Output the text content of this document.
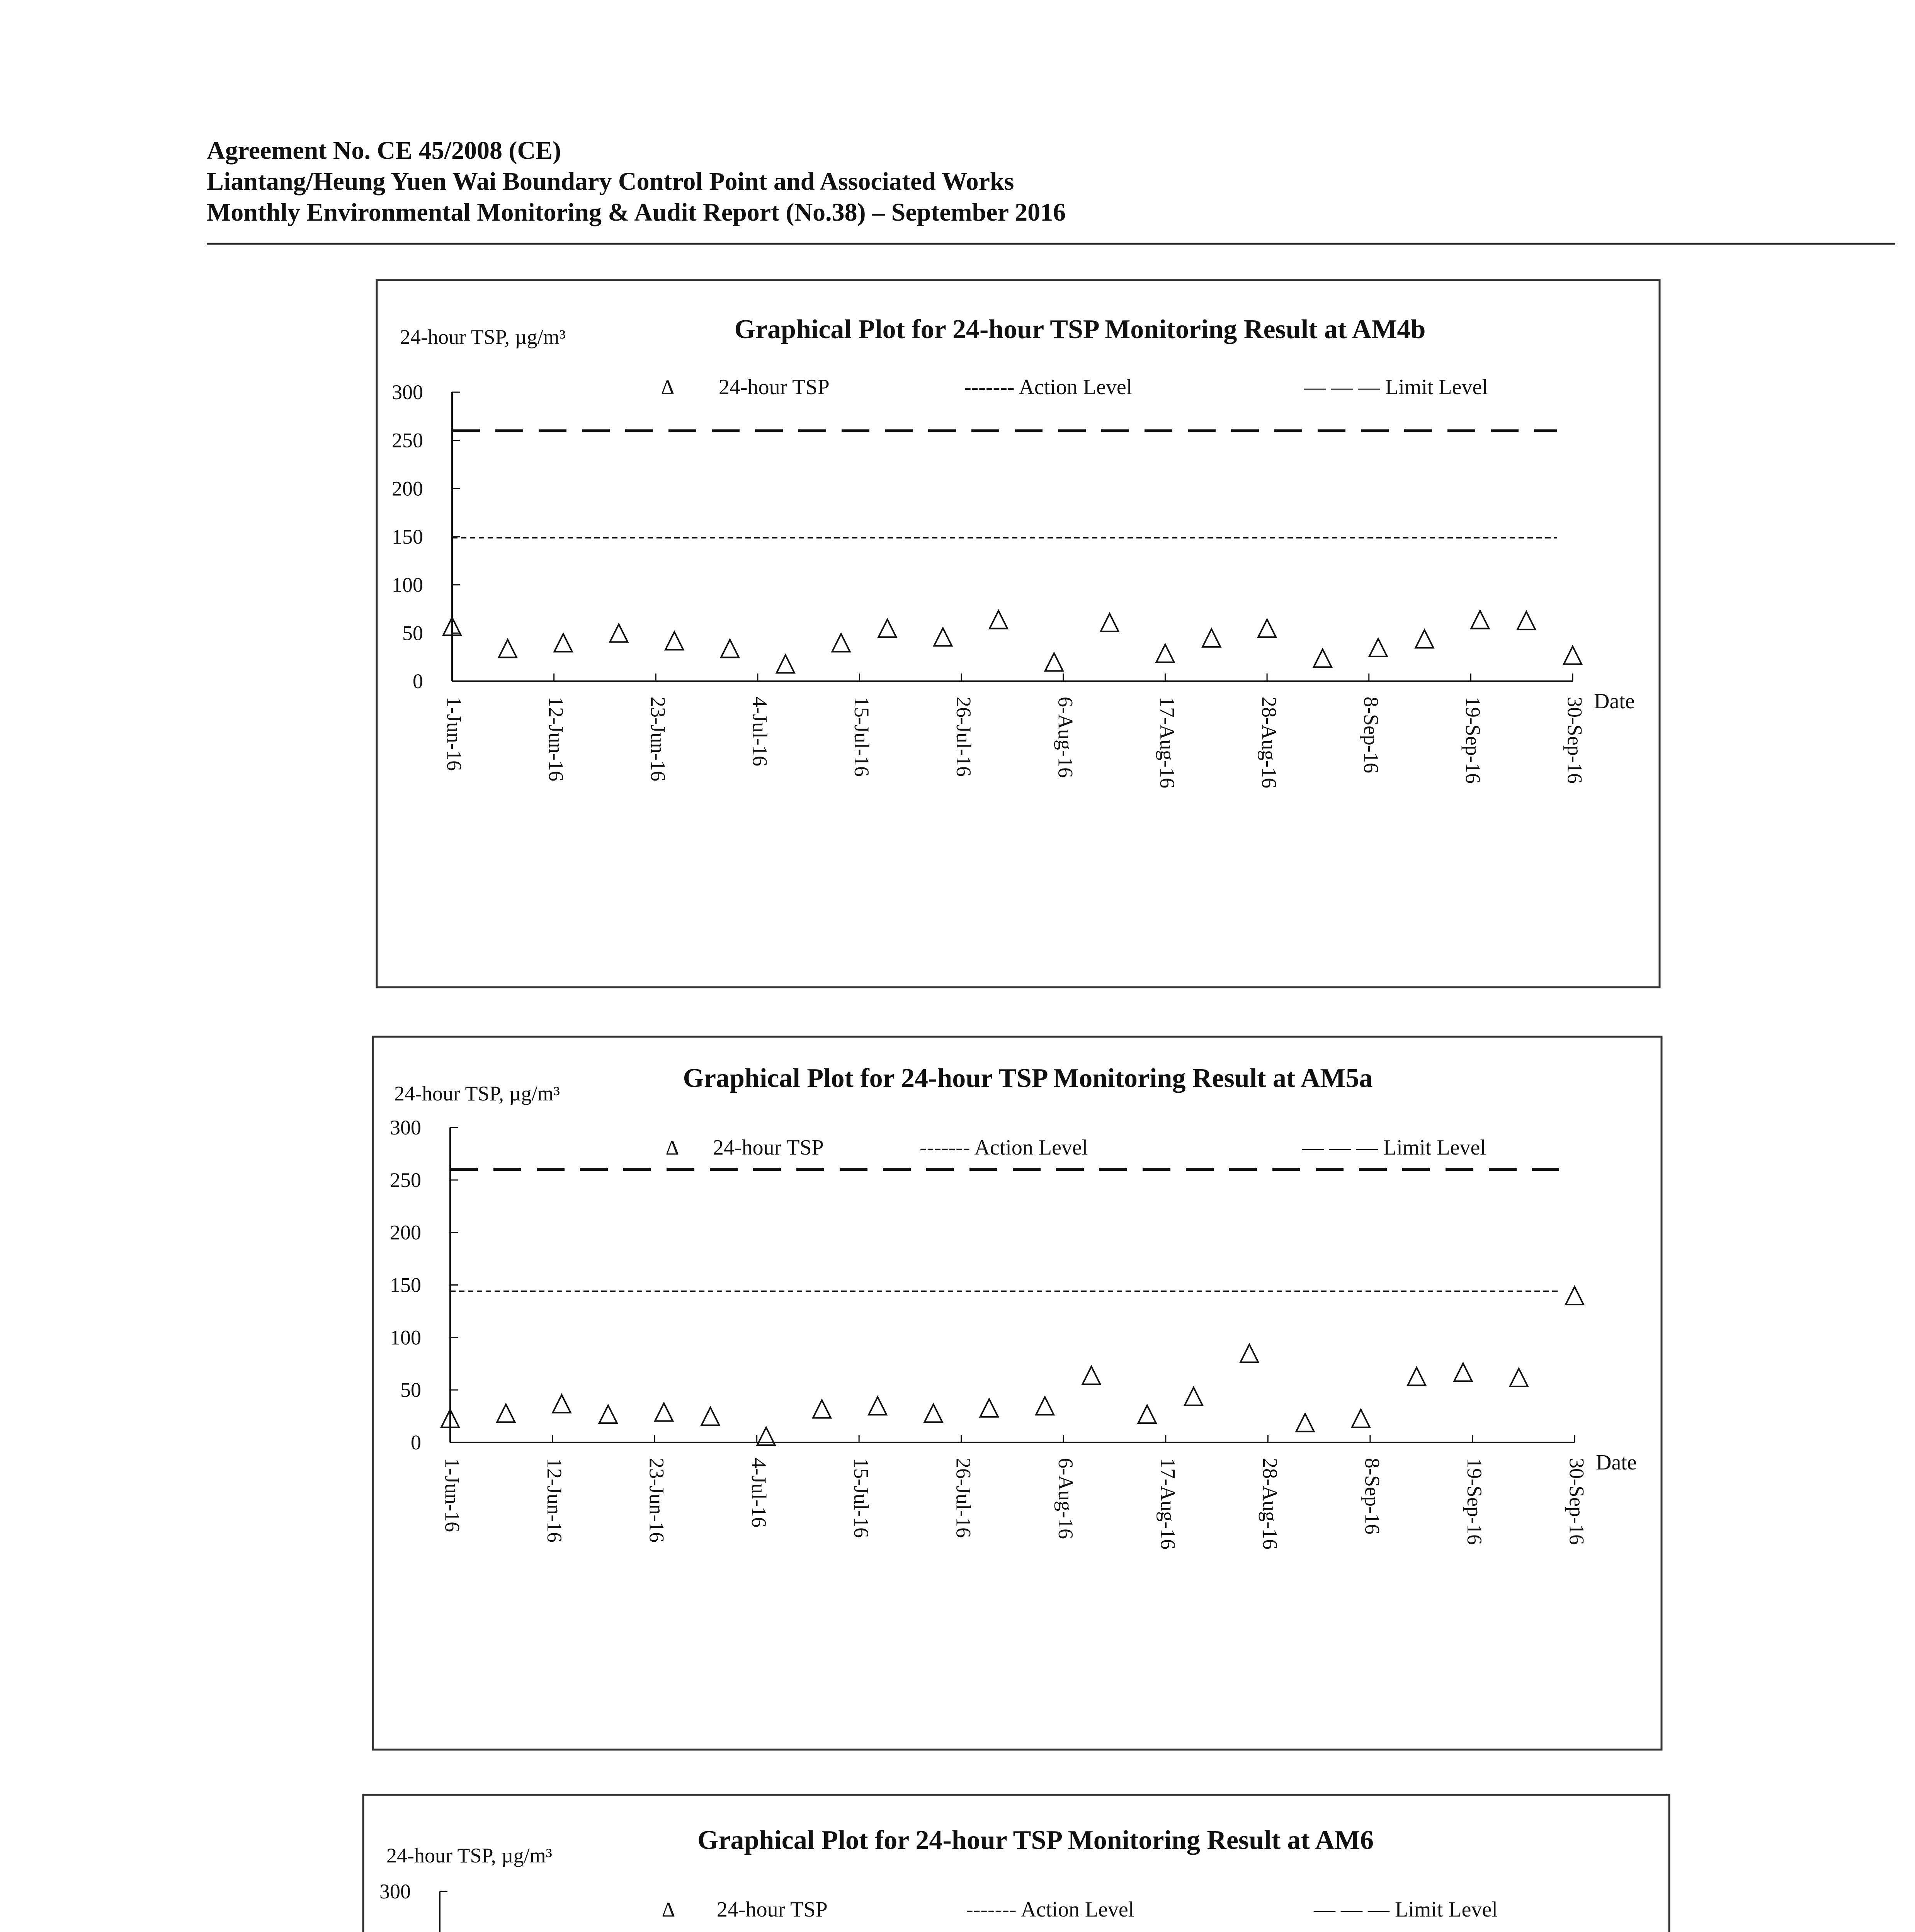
Agreement No. CE 45/2008 (CE)
Liantang/Heung Yuen Wai Boundary Control Point and Associated Works
Monthly Environmental Monitoring & Audit Report (No.38) – September 2016
24-hour TSP, µg/m³	Graphical Plot for 24-hour TSP Monitoring Result at AM4b
Δ 24-hour TSP	------- Action Level	— — — Limit Level
300
250
200
150
100
50
0
1-Jun-16	12-Jun-16	23-Jun-16	4-Jul-16	15-Jul-16	26-Jul-16	6-Aug-16	17-Aug-16	28-Aug-16	8-Sep-16	19-Sep-16	30-Sep-16 Date
24-hour TSP, µg/m³
Graphical Plot for 24-hour TSP Monitoring Result at AM5a
Δ 24-hour TSP	------- Action Level	— — — Limit Level
300
250
200
150
100
50
0
1-Jun-16	12-Jun-16	23-Jun-16	4-Jul-16	15-Jul-16	26-Jul-16	6-Aug-16	17-Aug-16	28-Aug-16	8-Sep-16	19-Sep-16	30-Sep-16 Date
24-hour TSP, µg/m³
Graphical Plot for 24-hour TSP Monitoring Result at AM6
Δ 24-hour TSP	------- Action Level	— — — Limit Level
300
